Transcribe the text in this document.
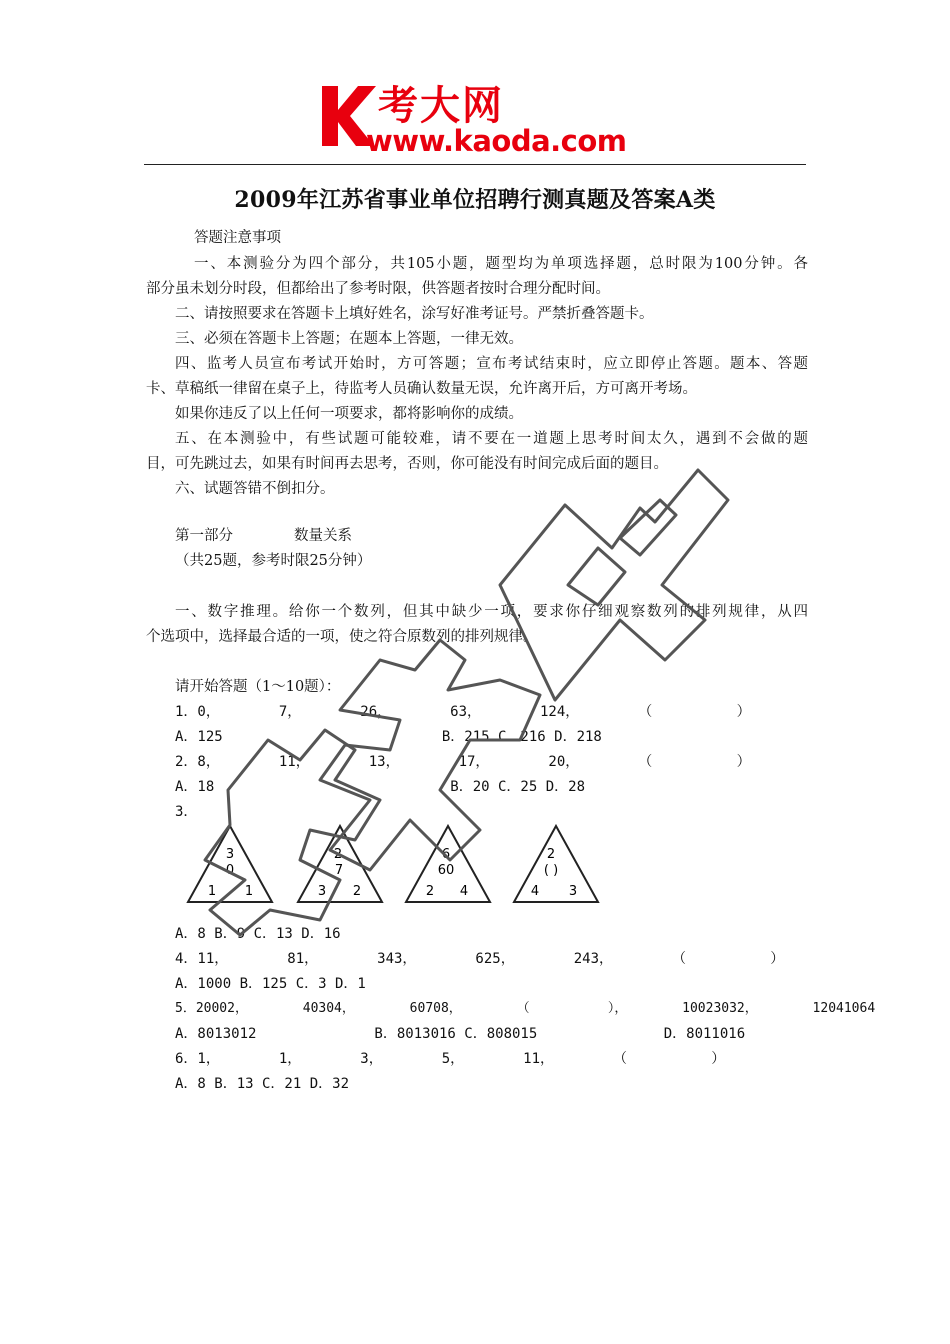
考大网
www.kaoda.com
2009年江苏省事业单位招聘行测真题及答案A类
答题注意事项
一、本测验分为四个部分，共105小题，题型均为单项选择题，总时限为100分钟。各
部分虽未划分时段，但都给出了参考时限，供答题者按时合理分配时间。
二、请按照要求在答题卡上填好姓名，涂写好准考证号。严禁折叠答题卡。
三、必须在答题卡上答题；在题本上答题，一律无效。
四、监考人员宣布考试开始时，方可答题；宣布考试结束时，应立即停止答题。题本、答题
卡、草稿纸一律留在桌子上，待监考人员确认数量无误，允许离开后，方可离开考场。
如果你违反了以上任何一项要求，都将影响你的成绩。
五、在本测验中，有些试题可能较难，请不要在一道题上思考时间太久，遇到不会做的题
目，可先跳过去，如果有时间再去思考，否则，你可能没有时间完成后面的题目。
六、试题答错不倒扣分。
第一部分	数量关系
（共25题，参考时限25分钟）
一、数字推理。给你一个数列，但其中缺少一项，要求你仔细观察数列的排列规律，从四
个选项中，选择最合适的一项，使之符合原数列的排列规律。
请开始答题（1～10题）：
1．0，       7，       26，       63，       124，       （          ）
A．125                          B．215 C．216 D．218
2．8，       11，       13，       17，       20，       （          ）
A．18                            B．20 C．25 D．28
3．
A．8 B．9 C．13 D．16
4．11，       81，       343，       625，       243，       （          ）
A．1000 B．125 C．3 D．1
5．20002，       40304，       60708，       （          ），       10023032，       12041064
A．8013012              B．8013016 C．808015               D．8011016
6．1，       1，       3，       5，       11，       （          ）
A．8 B．13 C．21 D．32
3
0
1 1
2
7
3 2
6
60
2 4
2
( )
4 3
